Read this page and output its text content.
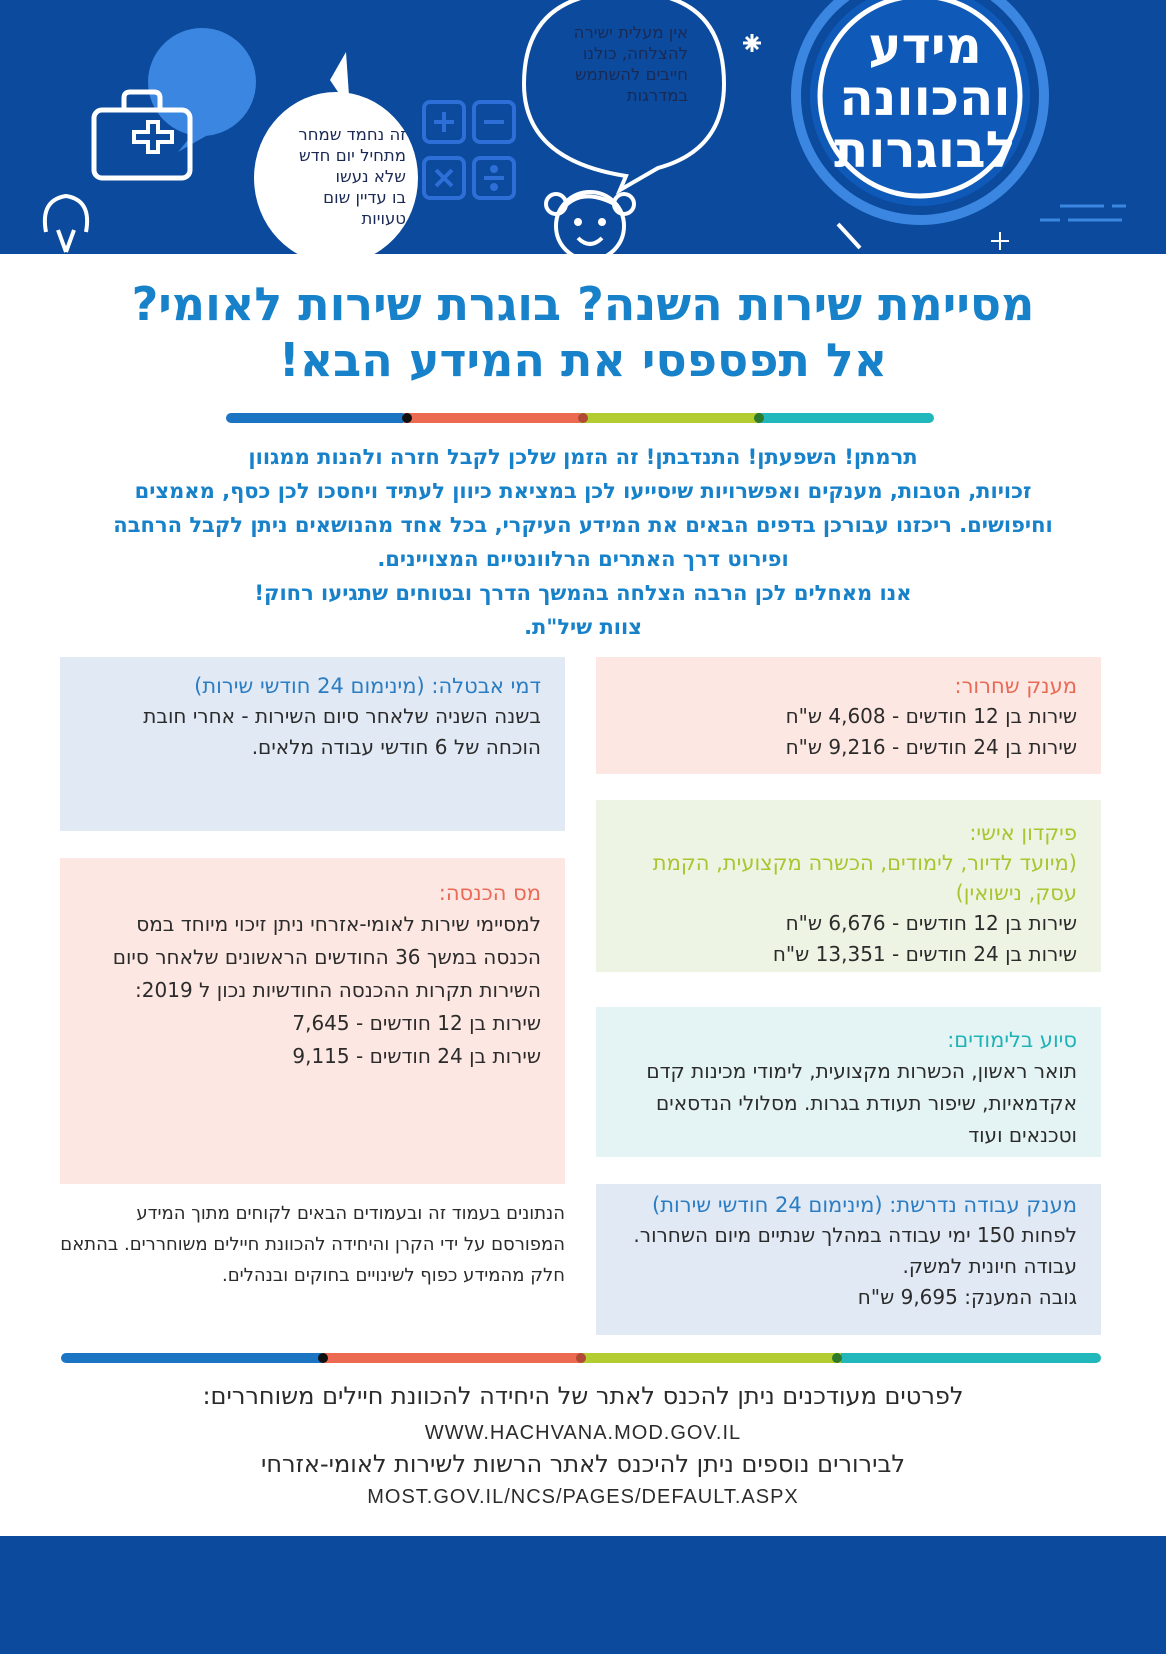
זה נחמד שמחר
מתחיל יום חדש
שלא נעשו
בו עדיין שום
טעויות
אין מעלית ישירה
להצלחה, כולנו
חייבים להשתמש
במדרגות
מידע
והכוונה
לבוגרות
מסיימת שירות השנה? בוגרת שירות לאומי?
אל תפספסי את המידע הבא!

תרמתן! השפעתן! התנדבתן! זה הזמן שלכן לקבל חזרה ולהנות ממגוון

זכויות, הטבות, מענקים ואפשרויות שיסייעו לכן במציאת כיוון לעתיד ויחסכו לכן כסף, מאמצים

וחיפושים. ריכזנו עבורכן בדפים הבאים את המידע העיקרי, בכל אחד מהנושאים ניתן לקבל הרחבה

ופירוט דרך האתרים הרלוונטיים המצויינים.

אנו מאחלים לכן הרבה הצלחה בהמשך הדרך ובטוחים שתגיעו רחוק!

צוות שיל"ת.

מענק שחרור:
שירות בן 12 חודשים - 4,608 ש"ח
שירות בן 24 חודשים - 9,216 ש"ח
פיקדון אישי:
(מיועד לדיור, לימודים, הכשרה מקצועית, הקמת עסק, נישואין)
שירות בן 12 חודשים - 6,676 ש"ח
שירות בן 24 חודשים - 13,351 ש"ח
סיוע בלימודים:
תואר ראשון, הכשרות מקצועית, לימודי מכינות קדם אקדמאיות, שיפור תעודת בגרות. מסלולי הנדסאים וטכנאים ועוד
מענק עבודה נדרשת: (מינימום 24 חודשי שירות)
לפחות 150 ימי עבודה במהלך שנתיים מיום השחרור. עבודה חיונית למשק.
גובה המענק: 9,695 ש"ח
דמי אבטלה: (מינימום 24 חודשי שירות)
בשנה השניה שלאחר סיום השירות - אחרי חובת הוכחה של 6 חודשי עבודה מלאים.
מס הכנסה:
למסיימי שירות לאומי-אזרחי ניתן זיכוי מיוחד במס הכנסה במשך 36 החודשים הראשונים שלאחר סיום השירות תקרות ההכנסה החודשיות נכון ל 2019:
שירות בן 12 חודשים - 7,645
שירות בן 24 חודשים - 9,115
הנתונים בעמוד זה ובעמודים הבאים לקוחים מתוך המידע המפורסם על ידי הקרן והיחידה להכוונת חיילים משוחררים. בהתאם חלק מהמידע כפוף לשינויים בחוקים ובנהלים.
לפרטים מעודכנים ניתן להכנס לאתר של היחידה להכוונת חיילים משוחררים:
WWW.HACHVANA.MOD.GOV.IL
לבירורים נוספים ניתן להיכנס לאתר הרשות לשירות לאומי-אזרחי
MOST.GOV.IL/NCS/PAGES/DEFAULT.ASPX
